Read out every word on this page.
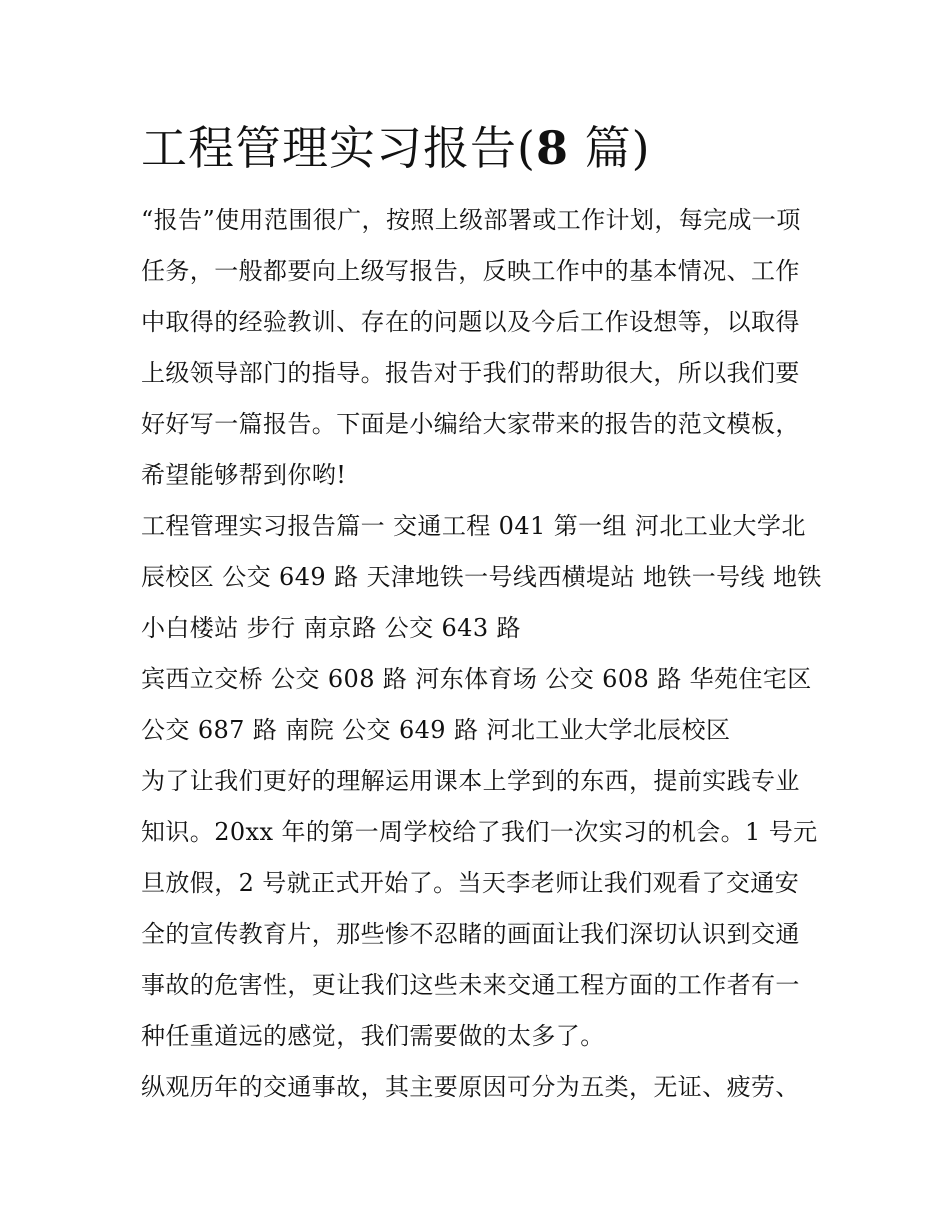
工程管理实习报告(8 篇)

“报告”使用范围很广，按照上级部署或工作计划，每完成一项

任务，一般都要向上级写报告，反映工作中的基本情况、工作

中取得的经验教训、存在的问题以及今后工作设想等，以取得

上级领导部门的指导。报告对于我们的帮助很大，所以我们要

好好写一篇报告。下面是小编给大家带来的报告的范文模板，

希望能够帮到你哟!

工程管理实习报告篇一 交通工程 041 第一组 河北工业大学北

辰校区 公交 649 路 天津地铁一号线西横堤站 地铁一号线 地铁

小白楼站 步行 南京路 公交 643 路

宾西立交桥 公交 608 路 河东体育场 公交 608 路 华苑住宅区

公交 687 路 南院 公交 649 路 河北工业大学北辰校区

为了让我们更好的理解运用课本上学到的东西，提前实践专业

知识。20xx 年的第一周学校给了我们一次实习的机会。1 号元

旦放假，2 号就正式开始了。当天李老师让我们观看了交通安

全的宣传教育片，那些惨不忍睹的画面让我们深切认识到交通

事故的危害性，更让我们这些未来交通工程方面的工作者有一

种任重道远的感觉，我们需要做的太多了。

纵观历年的交通事故，其主要原因可分为五类，无证、疲劳、
